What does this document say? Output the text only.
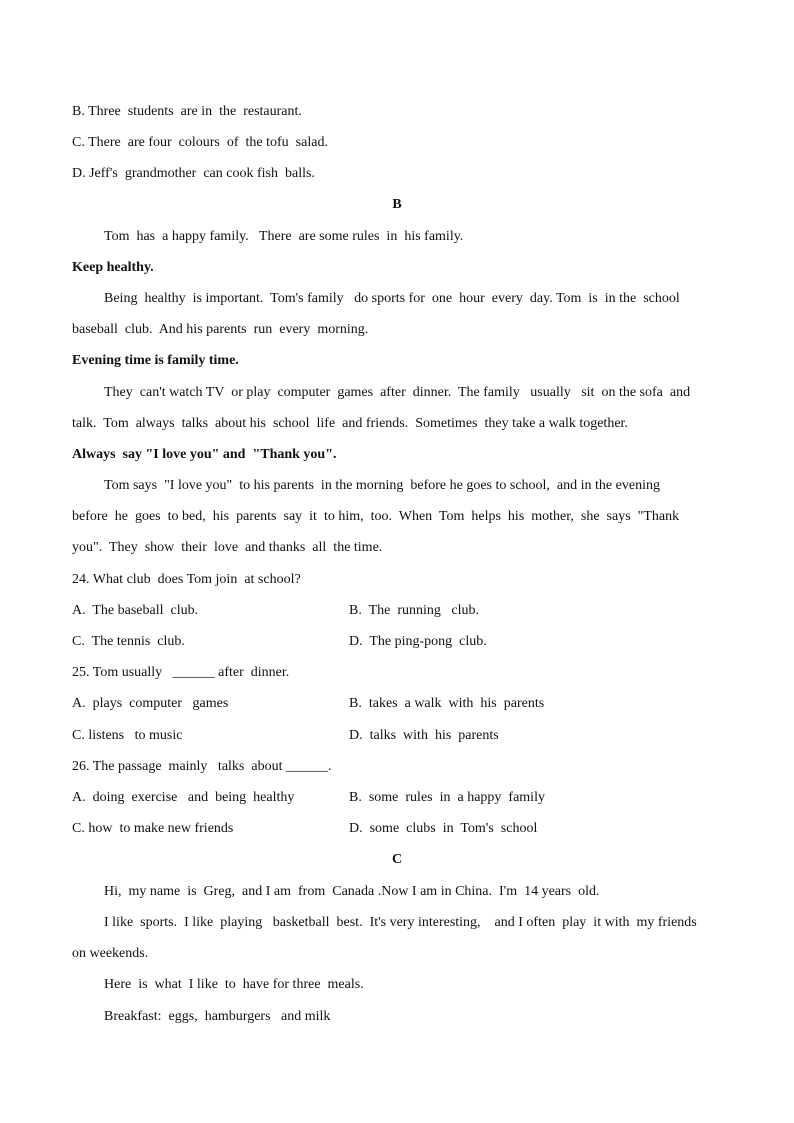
B. Three  students  are in  the  restaurant.
C. There  are four  colours  of  the tofu  salad.
D. Jeff's  grandmother  can cook fish  balls.
B
Tom  has  a happy family.   There  are some rules  in  his family.
Keep healthy.
Being  healthy  is important.  Tom's family   do sports for  one  hour  every  day. Tom  is  in the  school
baseball  club.  And his parents  run  every  morning.
Evening time is family time.
They  can't watch TV  or play  computer  games  after  dinner.  The family   usually   sit  on the sofa  and
talk.  Tom  always  talks  about his  school  life  and friends.  Sometimes  they take a walk together.
Always  say "I love you" and  "Thank you".
Tom says  "I love you"  to his parents  in the morning  before he goes to school,  and in the evening
before  he  goes  to bed,  his  parents  say  it  to him,  too.  When  Tom  helps  his  mother,  she  says  "Thank
you".  They  show  their  love  and thanks  all  the time.
24. What club  does Tom join  at school?
A.  The baseball  club.	B.  The  running   club.
C.  The tennis  club.	D.  The ping-pong  club.
25. Tom usually   ______ after  dinner.
A.  plays  computer   games	B.  takes  a walk  with  his  parents
C. listens   to music	D.  talks  with  his  parents
26. The passage  mainly   talks  about ______.
A.  doing  exercise   and  being  healthy	B.  some  rules  in  a happy  family
C. how  to make new friends	D.  some  clubs  in  Tom's  school
C
Hi,  my name  is  Greg,  and I am  from  Canada .Now I am in China.  I'm  14 years  old.
I like  sports.  I like  playing   basketball  best.  It's very interesting,    and I often  play  it with  my friends
on weekends.
Here  is  what  I like  to  have for three  meals.
Breakfast:  eggs,  hamburgers   and milk
